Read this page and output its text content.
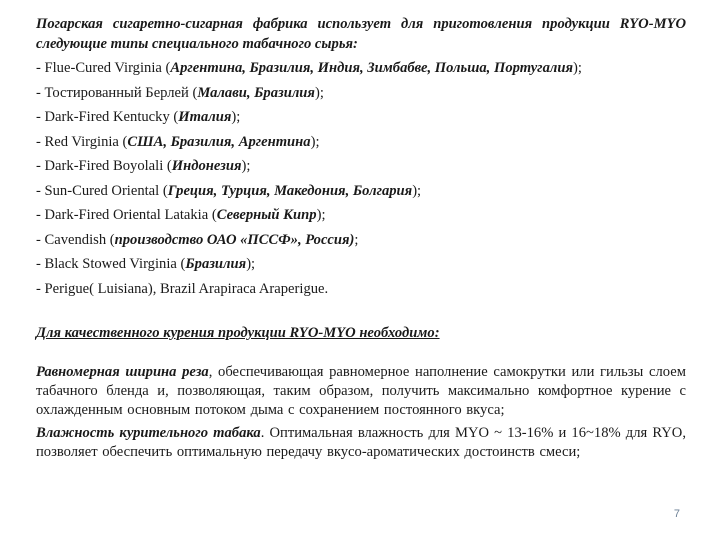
Погарская сигаретно-сигарная фабрика использует для приготовления продукции RYO-MYO следующие типы специального табачного сырья:

- Flue-Cured Virginia (Аргентина, Бразилия, Индия, Зимбабве, Польша, Португалия);
- Тостированный Берлей (Малави, Бразилия);
- Dark-Fired Kentucky (Италия);
- Red Virginia (США, Бразилия, Аргентина);
- Dark-Fired Boyolali (Индонезия);
- Sun-Cured Oriental (Греция, Турция, Македония, Болгария);
- Dark-Fired Oriental Latakia (Северный Кипр);
- Cavendish (производство ОАО «ПССФ», Россия);
- Black Stowed Virginia (Бразилия);
- Perigue( Luisiana), Brazil Arapiraca Araperigue.

Для качественного курения продукции RYO-MYO необходимо:

Равномерная ширина реза, обеспечивающая равномерное наполнение самокрутки или гильзы слоем табачного бленда и, позволяющая, таким образом, получить максимально комфортное курение с охлажденным основным потоком дыма с сохранением постоянного вкуса;

Влажность курительного табака. Оптимальная влажность для MYO ~ 13-16% и 16~18% для RYO, позволяет обеспечить оптимальную передачу вкусо-ароматических достоинств смеси;

7
